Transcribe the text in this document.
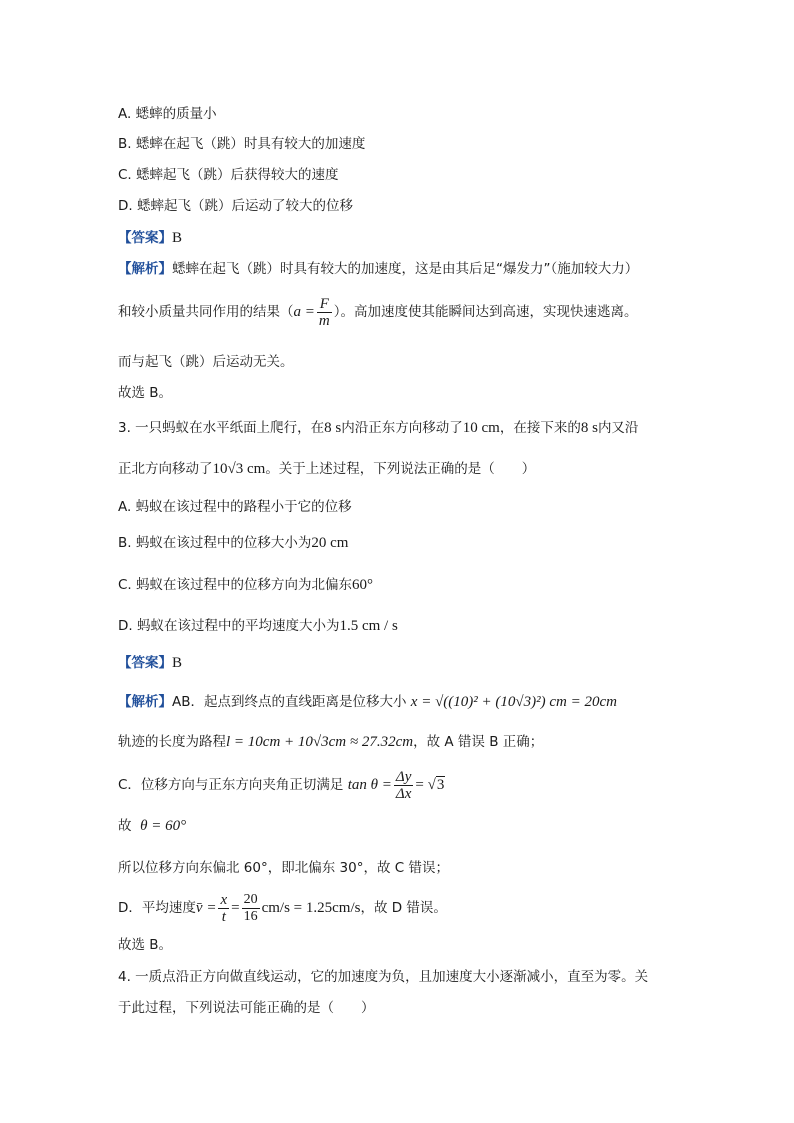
A. 蟋蟀的质量小
B. 蟋蟀在起飞（跳）时具有较大的加速度
C. 蟋蟀起飞（跳）后获得较大的速度
D. 蟋蟀起飞（跳）后运动了较大的位移
【答案】B
【解析】蟋蟀在起飞（跳）时具有较大的加速度，这是由其后足“爆发力”（施加较大力）
和较小质量共同作用的结果（$a = \frac{F}{m}$ ）。高加速度使其能瞬间达到高速，实现快速逃离。
而与起飞（跳）后运动无关。
故选 B。
3. 一只蚂蚁在水平纸面上爬行，在8 s内沿正东方向移动了10 cm，在接下来的8 s内又沿
正北方向移动了10√3 cm。关于上述过程，下列说法正确的是（　　）
A. 蚂蚁在该过程中的路程小于它的位移
B. 蚂蚁在该过程中的位移大小为20 cm
C. 蚂蚁在该过程中的位移方向为北偏东60°
D. 蚂蚁在该过程中的平均速度大小为1.5 cm / s
【答案】B
【解析】AB．起点到终点的直线距离是位移大小 x = √((10)² + (10√3)²) cm = 20cm
轨迹的长度为路程l = 10cm + 10√3cm ≈ 27.32cm，故 A 错误 B 正确；
C．位移方向与正东方向夹角正切满足 $\tan \theta = \frac{\Delta y}{\Delta x} = √3$
故 θ = 60°
所以位移方向东偏北 60°，即北偏东 30°，故 C 错误；
D．平均速度v̄ = $\frac{x}{t} = \frac{20}{16} cm/s = 1.25cm/s$，故 D 错误。
故选 B。
4. 一质点沿正方向做直线运动，它的加速度为负，且加速度大小逐渐减小，直至为零。关
于此过程，下列说法可能正确的是（　　）
